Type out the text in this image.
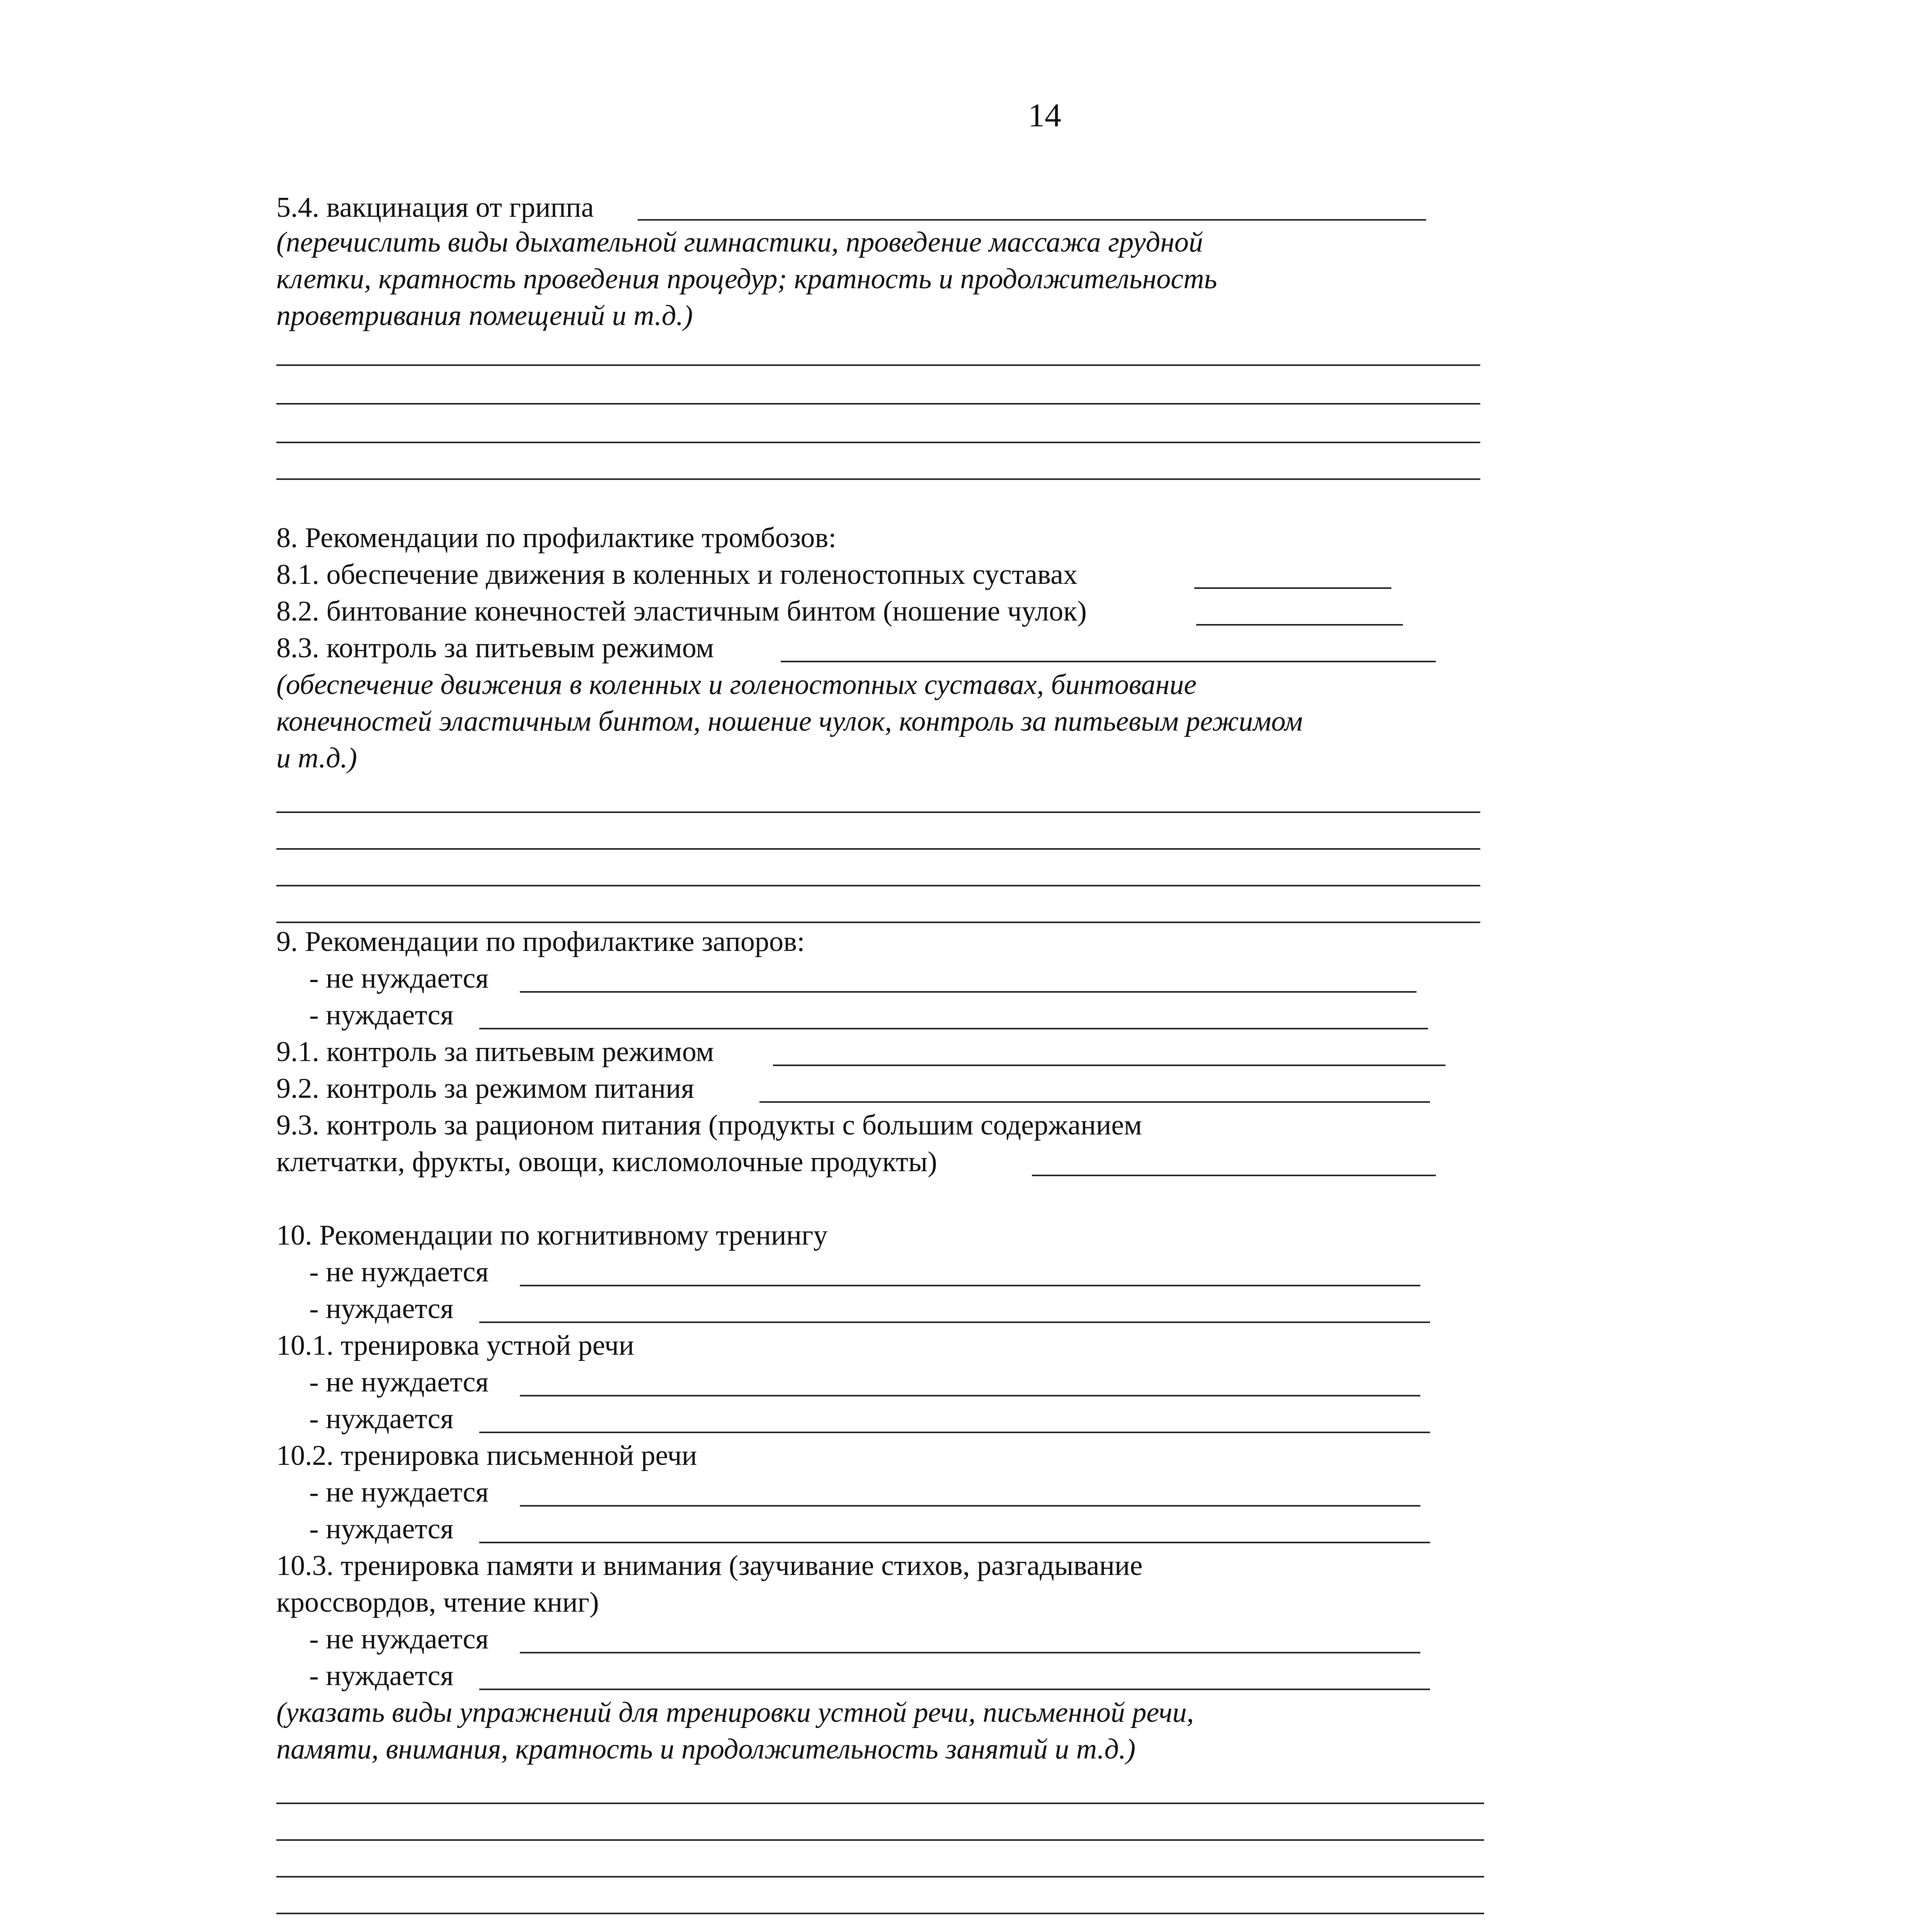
14
5.4. вакцинация от гриппа
(перечислить виды дыхательной гимнастики, проведение массажа грудной
клетки, кратность проведения процедур; кратность и продолжительность
проветривания помещений и т.д.)
8. Рекомендации по профилактике тромбозов:
8.1. обеспечение движения в коленных и голеностопных суставах
8.2. бинтование конечностей эластичным бинтом (ношение чулок)
8.3. контроль за питьевым режимом
(обеспечение движения в коленных и голеностопных суставах, бинтование
конечностей эластичным бинтом, ношение чулок, контроль за питьевым режимом
и т.д.)
9. Рекомендации по профилактике запоров:
- не нуждается
- нуждается
9.1. контроль за питьевым режимом
9.2. контроль за режимом питания
9.3. контроль за рационом питания (продукты с большим содержанием
клетчатки, фрукты, овощи, кисломолочные продукты)
10. Рекомендации по когнитивному тренингу
- не нуждается
- нуждается
10.1. тренировка устной речи
- не нуждается
- нуждается
10.2. тренировка письменной речи
- не нуждается
- нуждается
10.3. тренировка памяти и внимания (заучивание стихов, разгадывание
кроссвордов, чтение книг)
- не нуждается
- нуждается
(указать виды упражнений для тренировки устной речи, письменной речи,
памяти, внимания, кратность и продолжительность занятий и т.д.)
